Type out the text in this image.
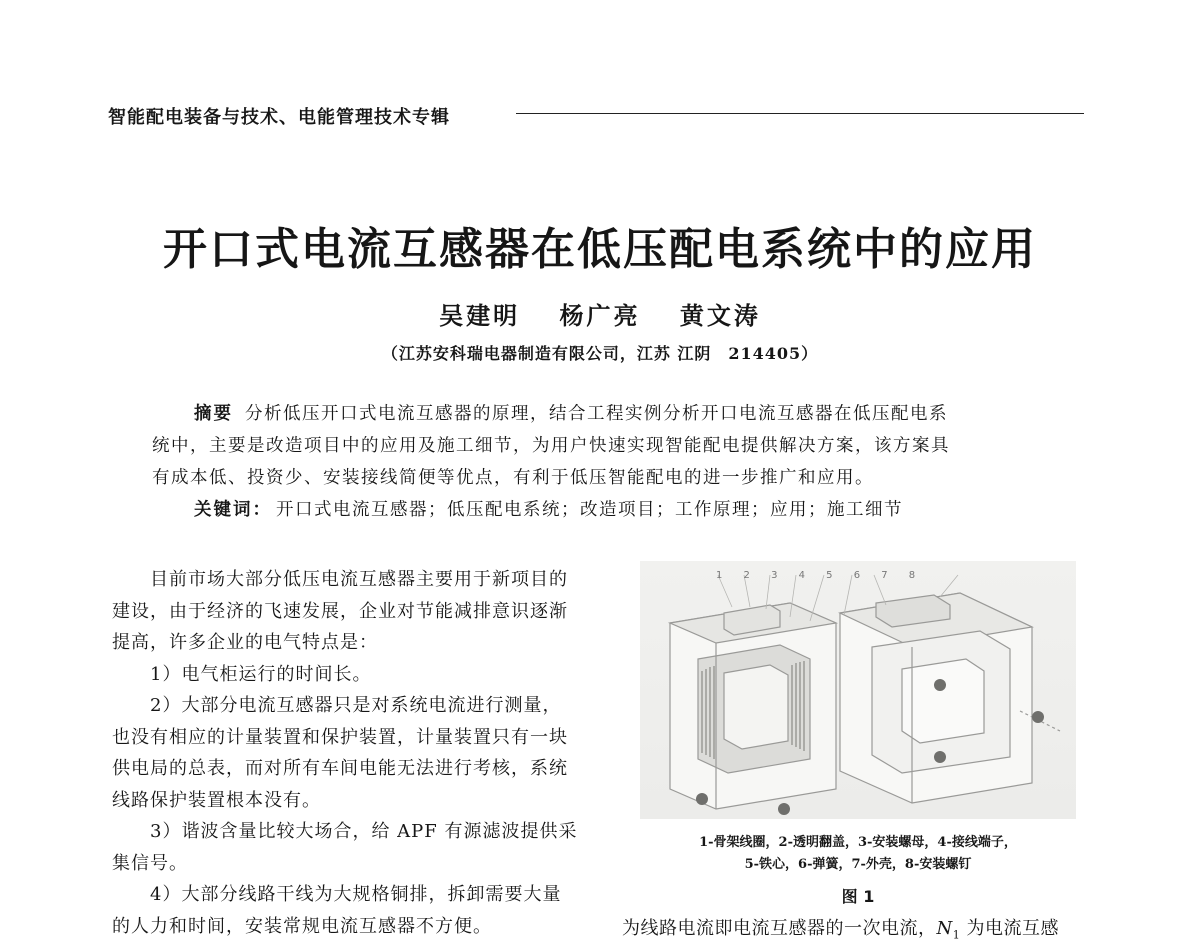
智能配电装备与技术、电能管理技术专辑
开口式电流互感器在低压配电系统中的应用
吴建明 杨广亮 黄文涛
（江苏安科瑞电器制造有限公司，江苏 江阴　214405）

摘要 分析低压开口式电流互感器的原理，结合工程实例分析开口电流互感器在低压配电系

统中，主要是改造项目中的应用及施工细节，为用户快速实现智能配电提供解决方案，该方案具

有成本低、投资少、安装接线简便等优点，有利于低压智能配电的进一步推广和应用。

关键词： 开口式电流互感器；低压配电系统；改造项目；工作原理；应用；施工细节

目前市场大部分低压电流互感器主要用于新项目的建设，由于经济的飞速发展，企业对节能减排意识逐渐提高，许多企业的电气特点是：

1）电气柜运行的时间长。

2）大部分电流互感器只是对系统电流进行测量，也没有相应的计量装置和保护装置，计量装置只有一块供电局的总表，而对所有车间电能无法进行考核，系统线路保护装置根本没有。

3）谐波含量比较大场合，给 APF 有源滤波提供采集信号。

4）大部分线路干线为大规格铜排，拆卸需要大量的人力和时间，安装常规电流互感器不方便。

1 2 3 4 5 6 7 8
1-骨架线圈，2-透明翻盖，3-安装螺母，4-接线端子，
5-铁心，6-弹簧，7-外壳，8-安装螺钉
图 1
为线路电流即电流互感器的一次电流，$N_1$ 为电流互感
